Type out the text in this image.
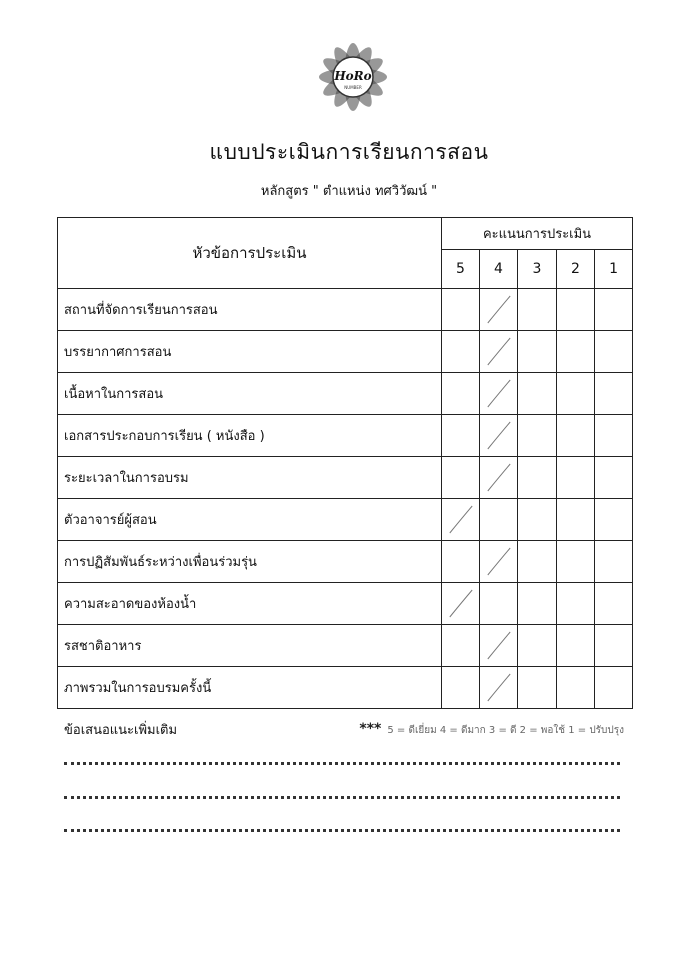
HoRo
NUMBER
แบบประเมินการเรียนการสอน
หลักสูตร " ตำแหน่ง ทศวิวัฒน์ "
หัวข้อการประเมิน	คะแนนการประเมิน				
	5	4	3	2	1
สถานที่จัดการเรียนการสอน		

บรรยากาศการสอน		

เนื้อหาในการสอน		

เอกสารประกอบการเรียน ( หนังสือ )		

ระยะเวลาในการอบรม		

ตัวอาจารย์ผู้สอน	

การปฏิสัมพันธ์ระหว่างเพื่อนร่วมรุ่น		

ความสะอาดของห้องน้ำ	

รสชาติอาหาร		

ภาพรวมในการอบรมครั้งนี้		

ข้อเสนอแนะเพิ่มเติม	*** 5 = ดีเยี่ยม 4 = ดีมาก 3 = ดี 2 = พอใช้ 1 = ปรับปรุง
